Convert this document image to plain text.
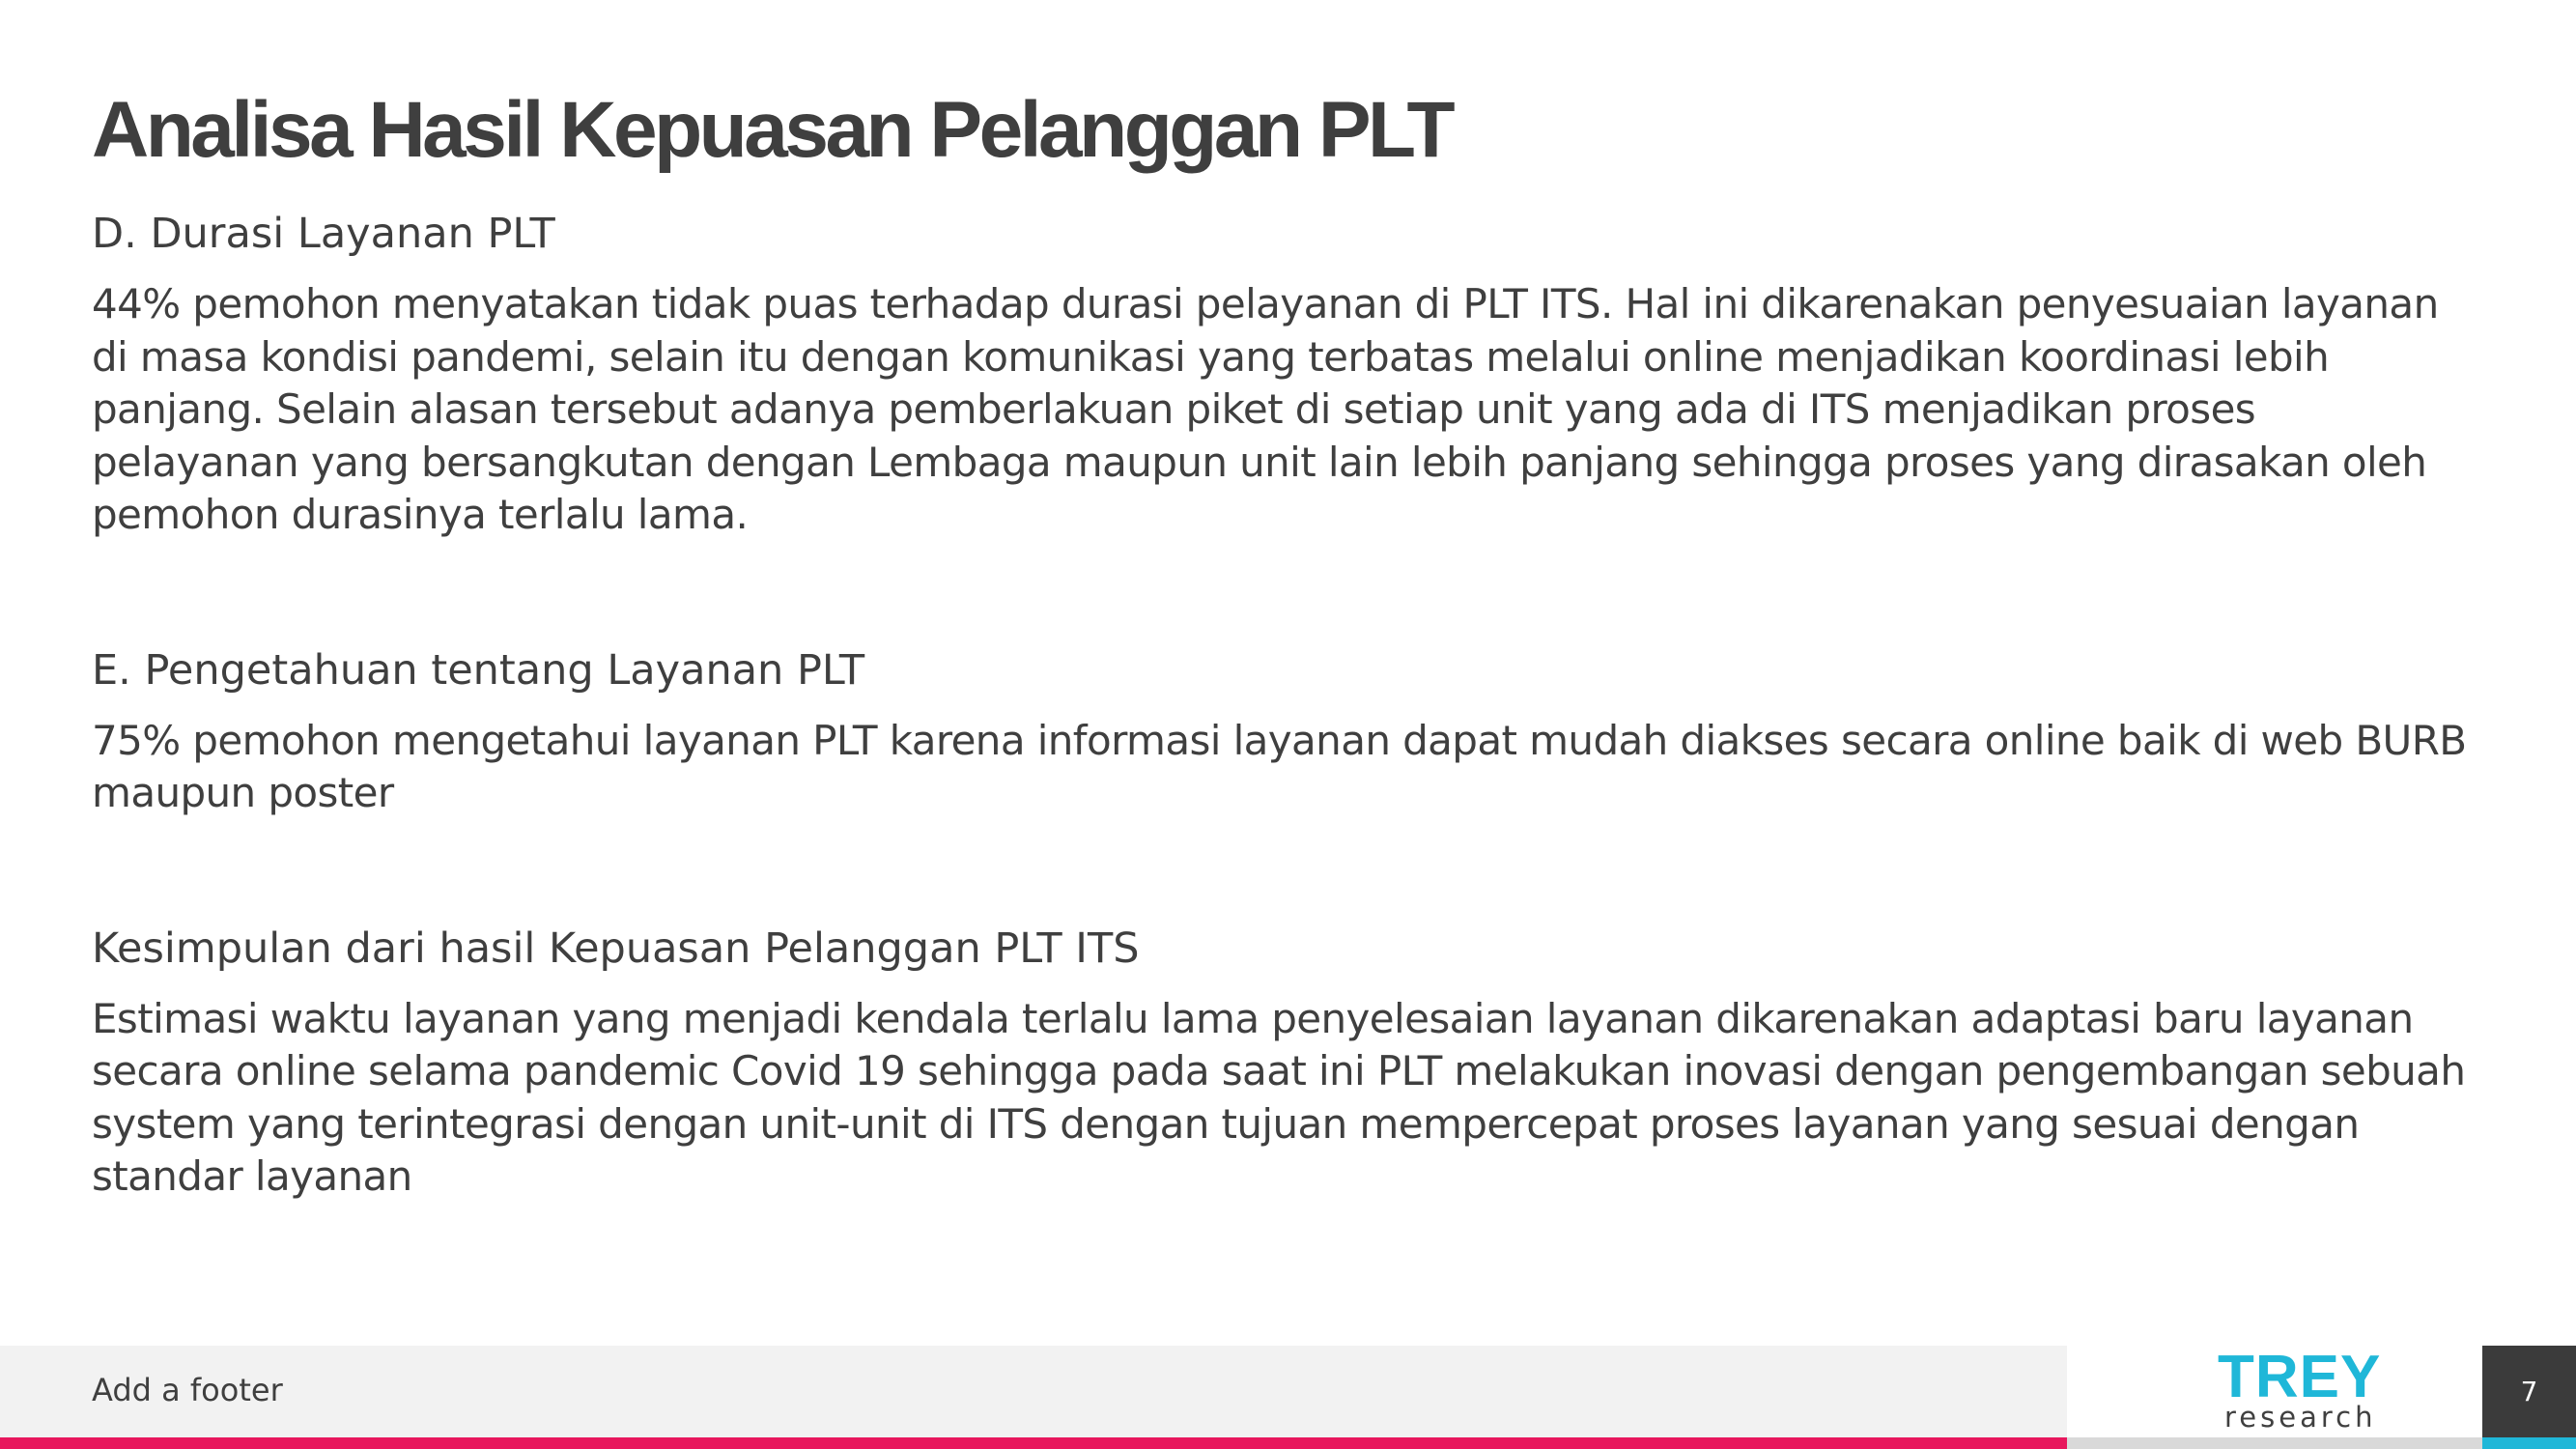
Analisa Hasil Kepuasan Pelanggan PLT

D. Durasi Layanan PLT

44% pemohon menyatakan tidak puas terhadap durasi pelayanan di PLT ITS. Hal ini dikarenakan penyesuaian layanan
di masa kondisi pandemi, selain itu dengan komunikasi yang terbatas melalui online menjadikan koordinasi lebih
panjang. Selain alasan tersebut adanya pemberlakuan piket di setiap unit yang ada di ITS menjadikan proses
pelayanan yang bersangkutan dengan Lembaga maupun unit lain lebih panjang sehingga proses yang dirasakan oleh
pemohon durasinya terlalu lama.

E. Pengetahuan tentang Layanan PLT

75% pemohon mengetahui layanan PLT karena informasi layanan dapat mudah diakses secara online baik di web BURB
maupun poster

Kesimpulan dari hasil Kepuasan Pelanggan PLT ITS

Estimasi waktu layanan yang menjadi kendala terlalu lama penyelesaian layanan dikarenakan adaptasi baru layanan
secara online selama pandemic Covid 19 sehingga pada saat ini PLT melakukan inovasi dengan pengembangan sebuah
system yang terintegrasi dengan unit-unit di ITS dengan tujuan mempercepat proses layanan yang sesuai dengan
standar layanan

Add a footer	TREY
research
7
